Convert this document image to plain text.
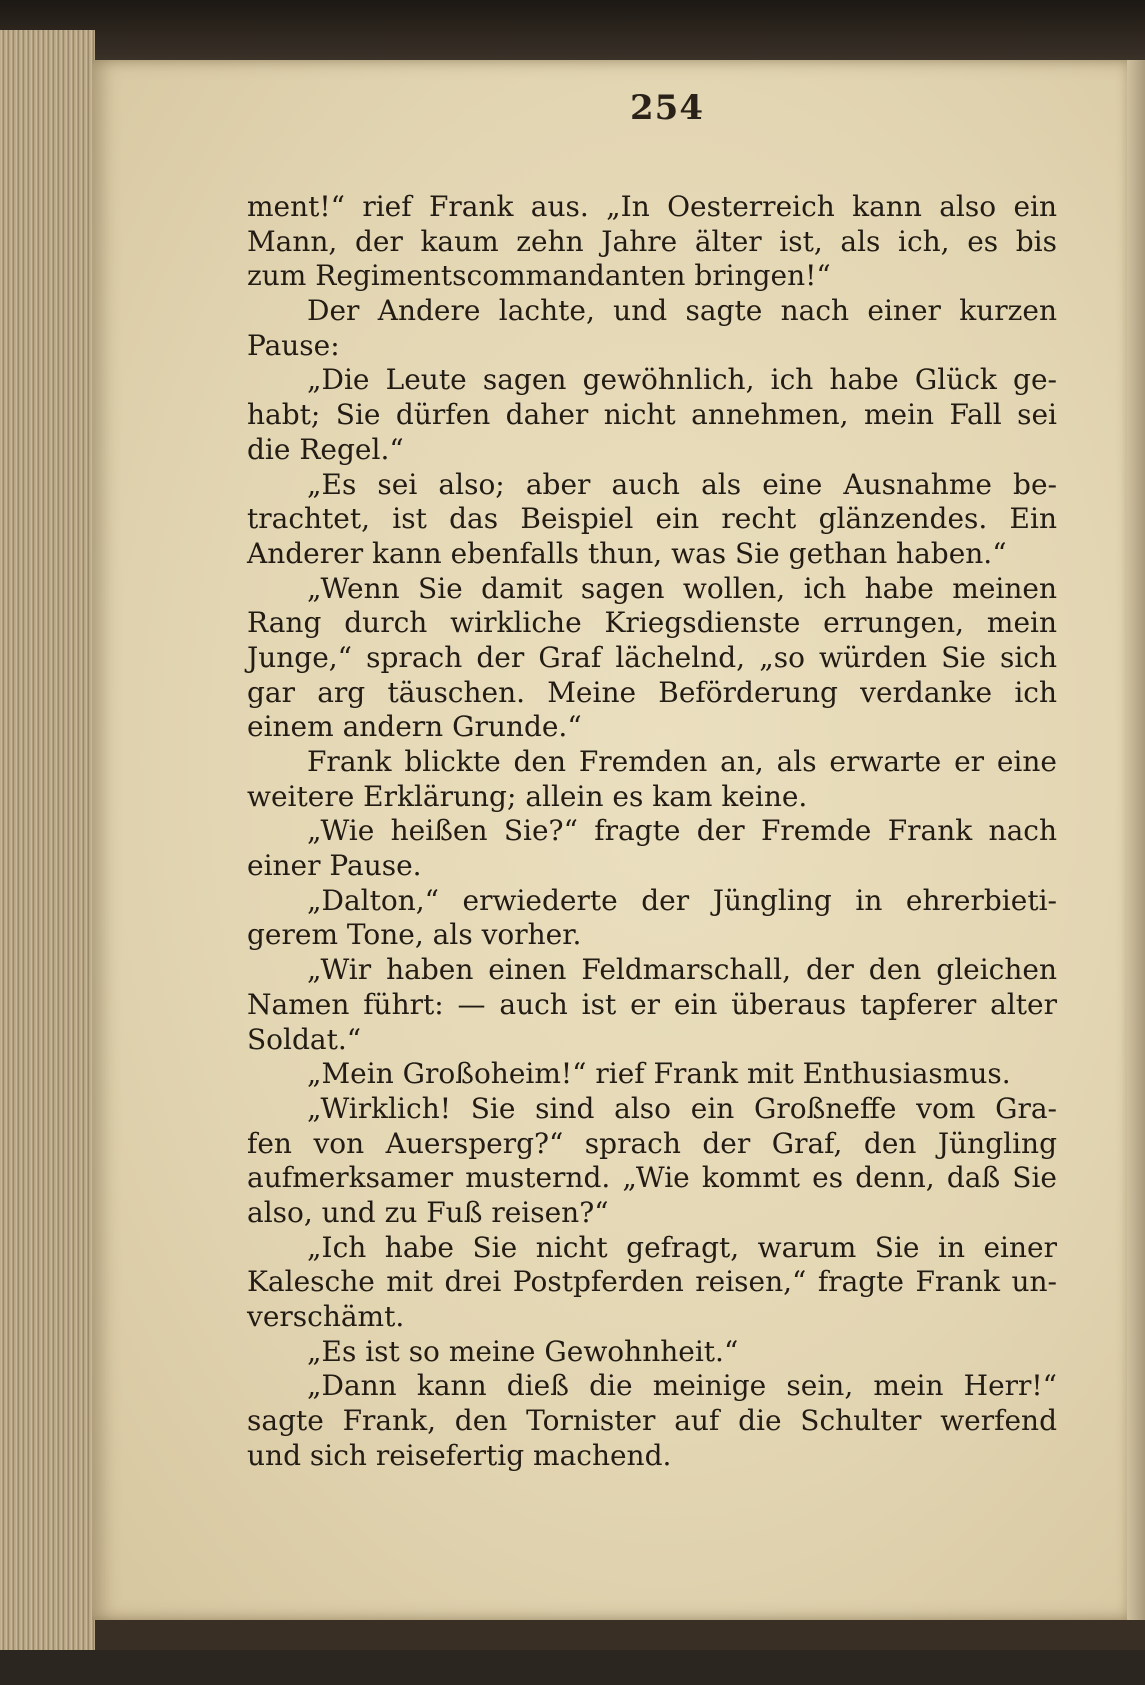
254
ment!“ rief Frank aus. „In Oesterreich kann also ein
Mann, der kaum zehn Jahre älter ist, als ich, es bis
zum Regimentscommandanten bringen!“
Der Andere lachte, und sagte nach einer kurzen
Pause:
„Die Leute sagen gewöhnlich, ich habe Glück ge-
habt; Sie dürfen daher nicht annehmen, mein Fall sei
die Regel.“
„Es sei also; aber auch als eine Ausnahme be-
trachtet, ist das Beispiel ein recht glänzendes. Ein
Anderer kann ebenfalls thun, was Sie gethan haben.“
„Wenn Sie damit sagen wollen, ich habe meinen
Rang durch wirkliche Kriegsdienste errungen, mein
Junge,“ sprach der Graf lächelnd, „so würden Sie sich
gar arg täuschen. Meine Beförderung verdanke ich
einem andern Grunde.“
Frank blickte den Fremden an, als erwarte er eine
weitere Erklärung; allein es kam keine.
„Wie heißen Sie?“ fragte der Fremde Frank nach
einer Pause.
„Dalton,“ erwiederte der Jüngling in ehrerbieti-
gerem Tone, als vorher.
„Wir haben einen Feldmarschall, der den gleichen
Namen führt: — auch ist er ein überaus tapferer alter
Soldat.“
„Mein Großoheim!“ rief Frank mit Enthusiasmus.
„Wirklich! Sie sind also ein Großneffe vom Gra-
fen von Auersperg?“ sprach der Graf, den Jüngling
aufmerksamer musternd. „Wie kommt es denn, daß Sie
also, und zu Fuß reisen?“
„Ich habe Sie nicht gefragt, warum Sie in einer
Kalesche mit drei Postpferden reisen,“ fragte Frank un-
verschämt.
„Es ist so meine Gewohnheit.“
„Dann kann dieß die meinige sein, mein Herr!“
sagte Frank, den Tornister auf die Schulter werfend
und sich reisefertig machend.
